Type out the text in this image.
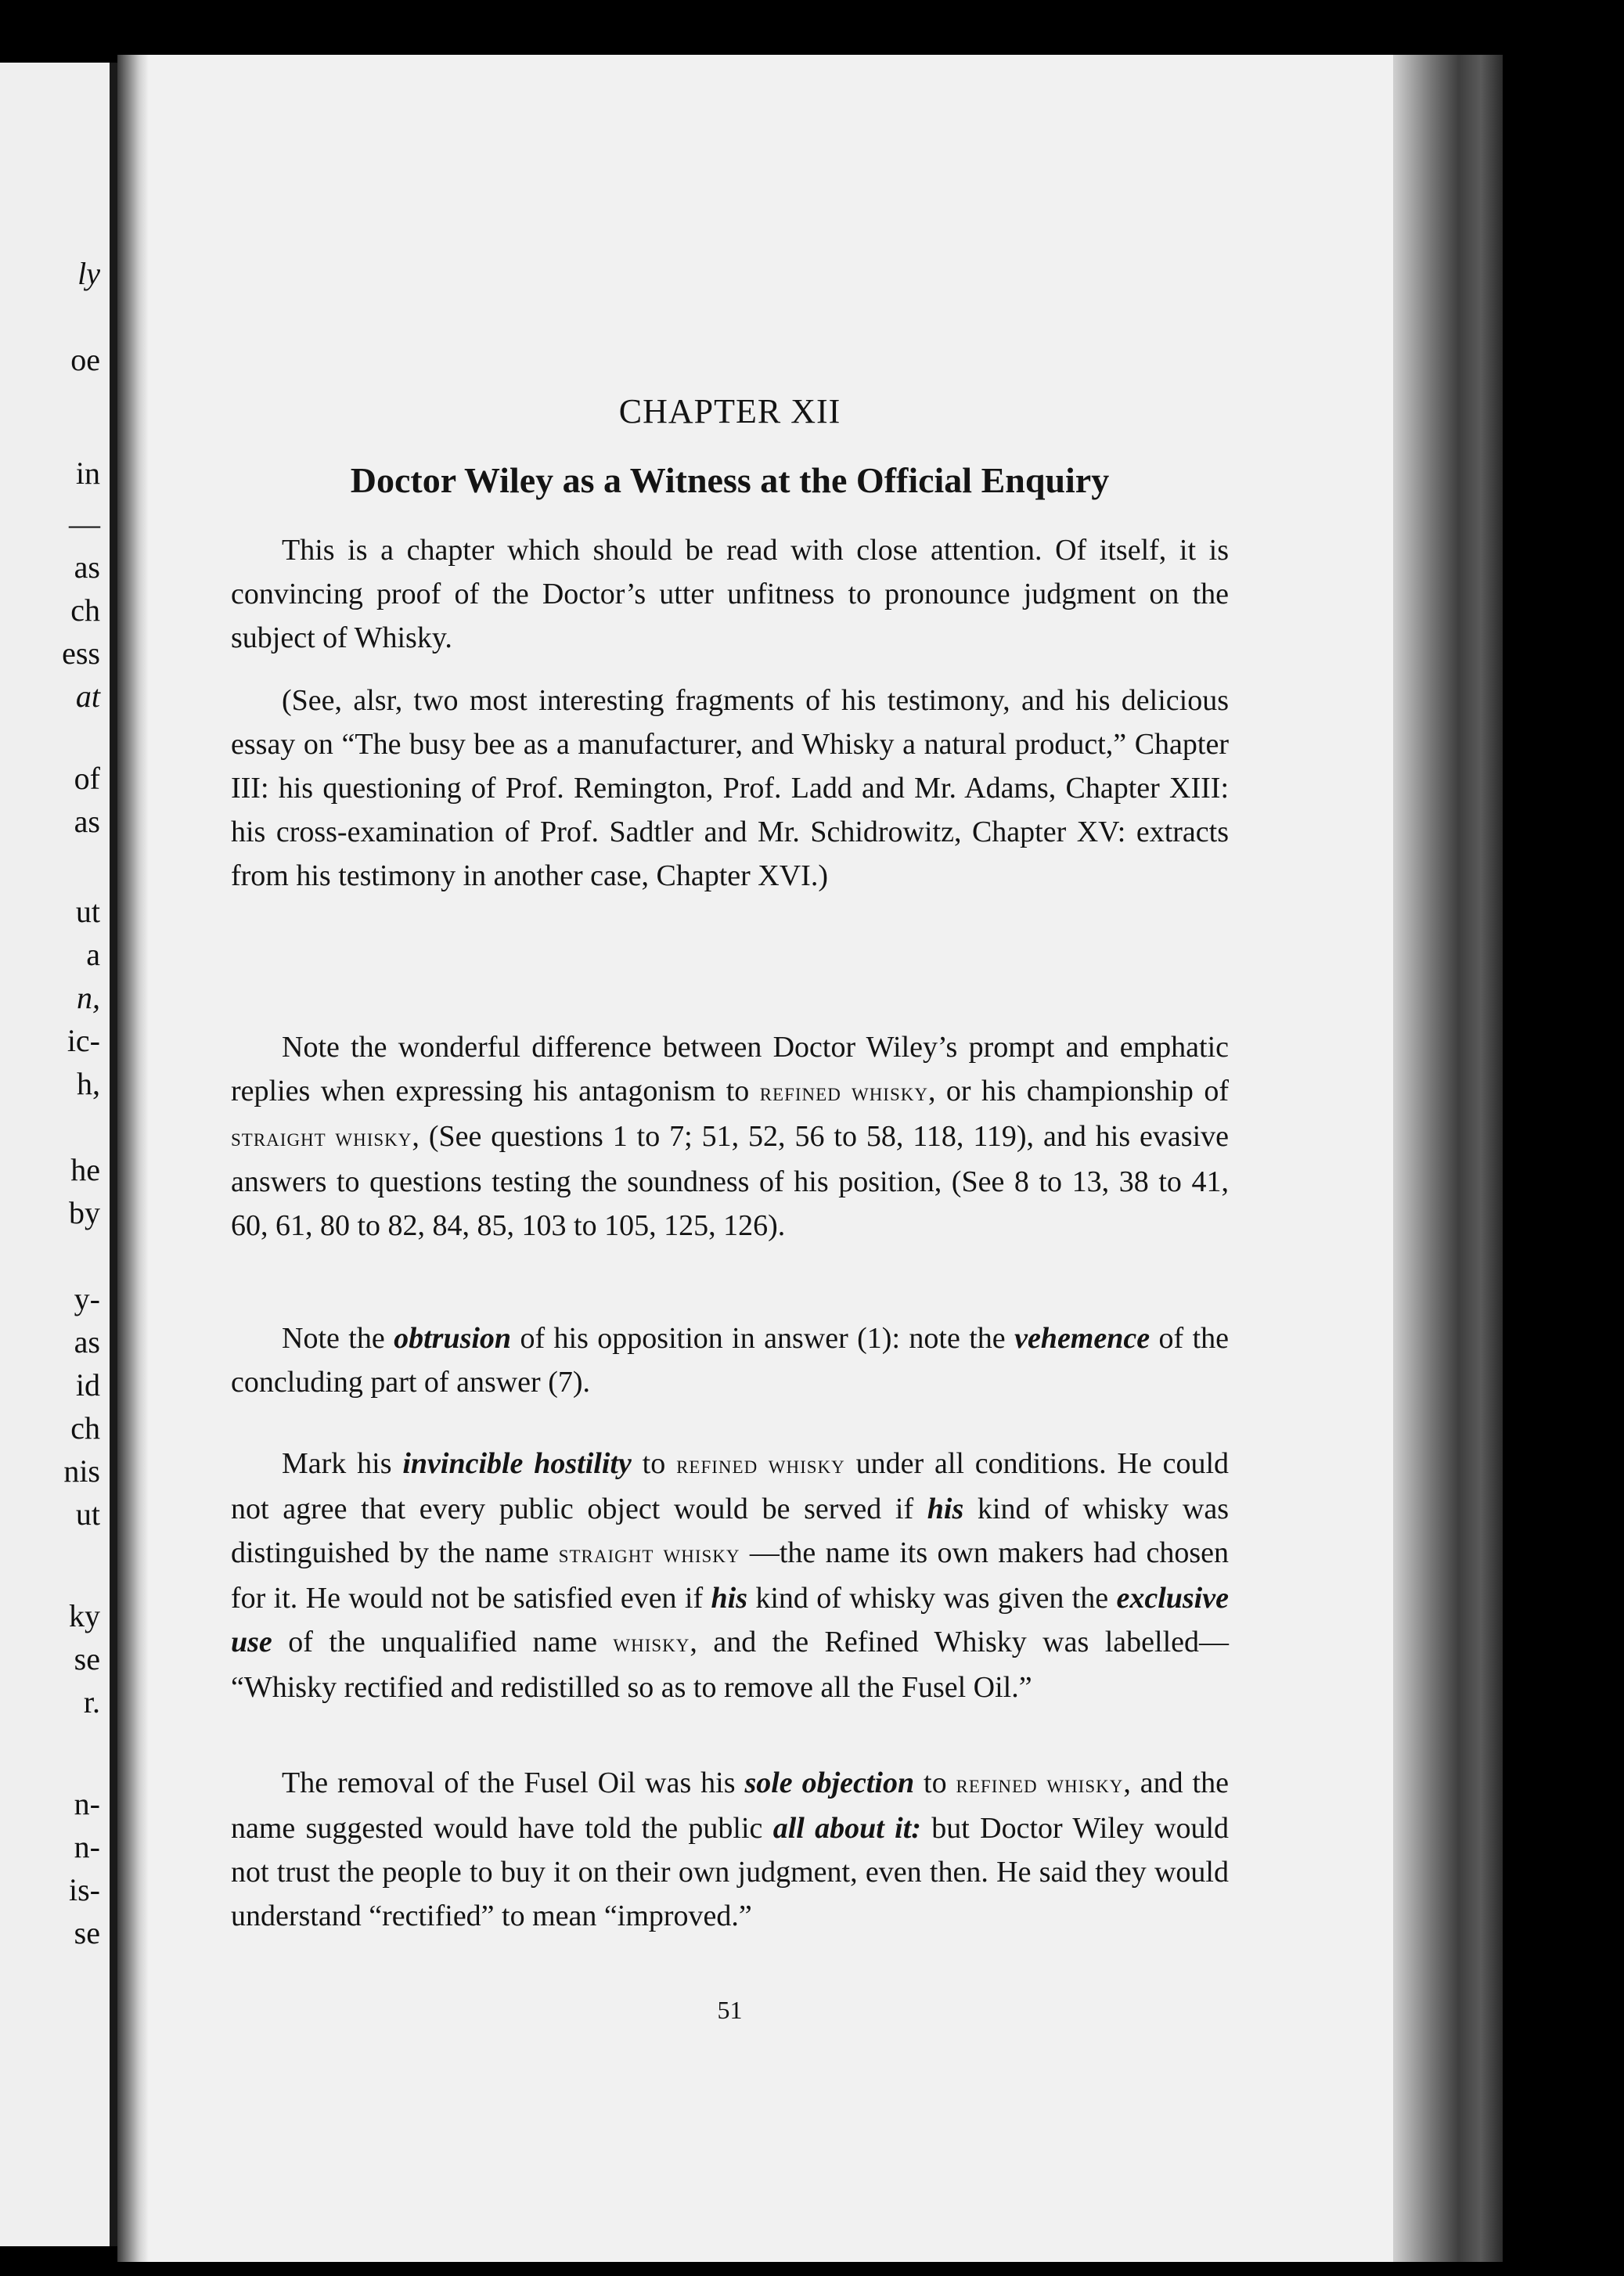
ly
oe
in
—
as
ch
ess
at
of
as
ut
a
n,
ic-
h,
he
by
y-
as
id
ch
nis
ut
ky
se
r.
n-
n-
is-
se
CHAPTER XII
Doctor Wiley as a Witness at the Official Enquiry

This is a chapter which should be read with close attention. Of itself, it is convincing proof of the Doctor’s utter unfitness to pronounce judgment on the subject of Whisky.

(See, alsr, two most interesting fragments of his testimony, and his delicious essay on “The busy bee as a manufacturer, and Whisky a natural product,” Chapter III: his questioning of Prof. Remington, Prof. Ladd and Mr. Adams, Chapter XIII: his cross-examination of Prof. Sadtler and Mr. Schidrowitz, Chapter XV: extracts from his testimony in another case, Chapter XVI.)

Note the wonderful difference between Doctor Wiley’s prompt and emphatic replies when expressing his antagonism to refined whisky, or his championship of straight whisky, (See questions 1 to 7; 51, 52, 56 to 58, 118, 119), and his evasive answers to questions testing the soundness of his position, (See 8 to 13, 38 to 41, 60, 61, 80 to 82, 84, 85, 103 to 105, 125, 126).

Note the obtrusion of his opposition in answer (1): note the vehemence of the concluding part of answer (7).

Mark his invincible hostility to refined whisky under all conditions. He could not agree that every public object would be served if his kind of whisky was distinguished by the name straight whisky —the name its own makers had chosen for it. He would not be satisfied even if his kind of whisky was given the exclusive use of the unqualified name whisky, and the Refined Whisky was labelled— “Whisky rectified and redistilled so as to remove all the Fusel Oil.”

The removal of the Fusel Oil was his sole objection to refined whisky, and the name suggested would have told the public all about it: but Doctor Wiley would not trust the people to buy it on their own judgment, even then. He said they would understand “rectified” to mean “improved.”

51
